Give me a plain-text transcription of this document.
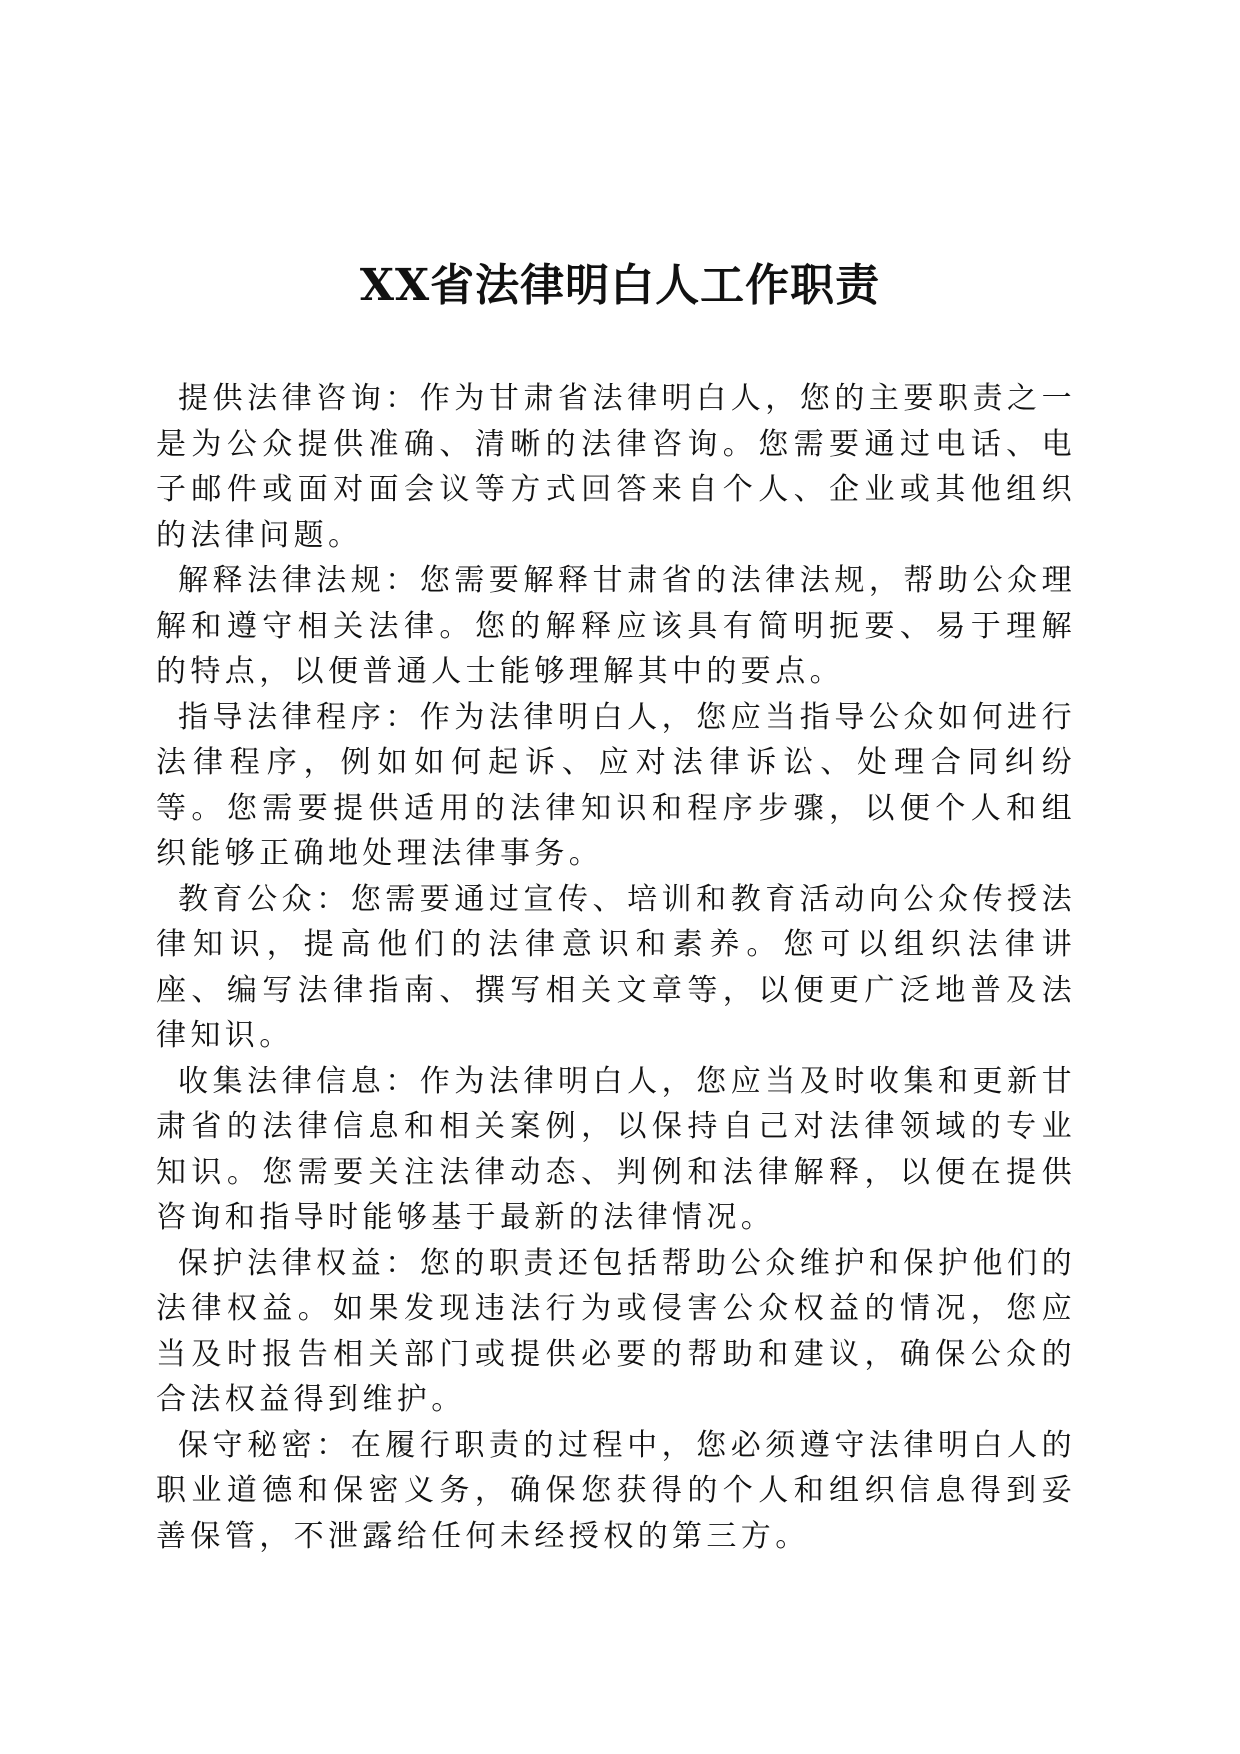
XX省法律明白人工作职责

提供法律咨询：作为甘肃省法律明白人，您的主要职责之一是为公众提供准确、清晰的法律咨询。您需要通过电话、电子邮件或面对面会议等方式回答来自个人、企业或其他组织的法律问题。

解释法律法规：您需要解释甘肃省的法律法规，帮助公众理解和遵守相关法律。您的解释应该具有简明扼要、易于理解的特点，以便普通人士能够理解其中的要点。

指导法律程序：作为法律明白人，您应当指导公众如何进行法律程序，例如如何起诉、应对法律诉讼、处理合同纠纷等。您需要提供适用的法律知识和程序步骤，以便个人和组织能够正确地处理法律事务。

教育公众：您需要通过宣传、培训和教育活动向公众传授法律知识，提高他们的法律意识和素养。您可以组织法律讲座、编写法律指南、撰写相关文章等，以便更广泛地普及法律知识。

收集法律信息：作为法律明白人，您应当及时收集和更新甘肃省的法律信息和相关案例，以保持自己对法律领域的专业知识。您需要关注法律动态、判例和法律解释，以便在提供咨询和指导时能够基于最新的法律情况。

保护法律权益：您的职责还包括帮助公众维护和保护他们的法律权益。如果发现违法行为或侵害公众权益的情况，您应当及时报告相关部门或提供必要的帮助和建议，确保公众的合法权益得到维护。

保守秘密：在履行职责的过程中，您必须遵守法律明白人的职业道德和保密义务，确保您获得的个人和组织信息得到妥善保管，不泄露给任何未经授权的第三方。
